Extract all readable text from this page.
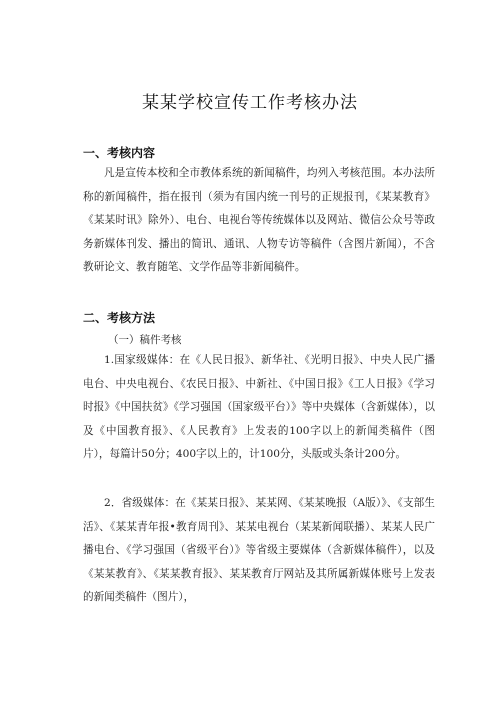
某某学校宣传工作考核办法
一、考核内容
凡是宣传本校和全市教体系统的新闻稿件，均列入考核范围。本办法所称的新闻稿件，指在报刊（须为有国内统一刊号的正规报刊，《某某教育》《某某时讯》除外）、电台、电视台等传统媒体以及网站、微信公众号等政务新媒体刊发、播出的简讯、通讯、人物专访等稿件（含图片新闻），不含教研论文、教育随笔、文学作品等非新闻稿件。
二、考核方法
（一）稿件考核
1.国家级媒体：在《人民日报》、新华社、《光明日报》、中央人民广播电台、中央电视台、《农民日报》、中新社、《中国日报》《工人日报》《学习时报》《中国扶贫》《学习强国（国家级平台）》等中央媒体（含新媒体），以及《中国教育报》、《人民教育》上发表的100字以上的新闻类稿件（图片），每篇计50分；400字以上的，计100分，头版或头条计200分。
2．省级媒体：在《某某日报》、某某网、《某某晚报（A版）》、《支部生活》、《某某青年报•教育周刊》、某某电视台（某某新闻联播）、某某人民广播电台、《学习强国（省级平台）》等省级主要媒体（含新媒体稿件），以及《某某教育》、《某某教育报》、某某教育厅网站及其所属新媒体账号上发表的新闻类稿件（图片），
